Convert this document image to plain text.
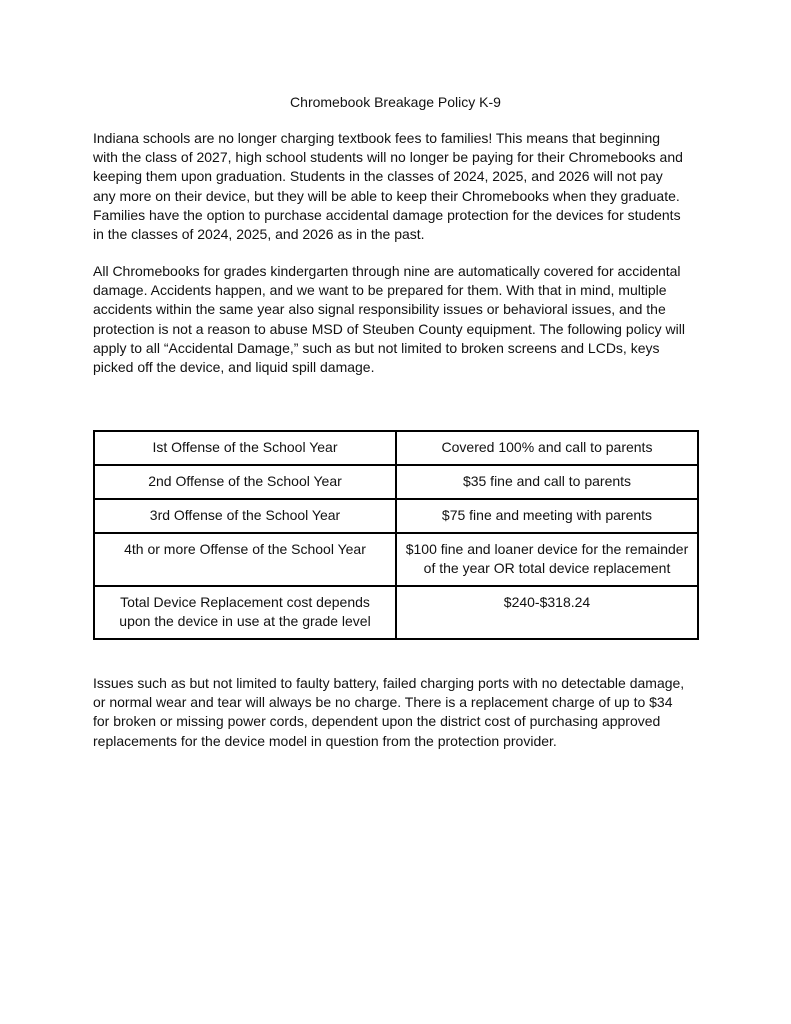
Chromebook Breakage Policy K-9

Indiana schools are no longer charging textbook fees to families! This means that beginning
with the class of 2027, high school students will no longer be paying for their Chromebooks and
keeping them upon graduation. Students in the classes of 2024, 2025, and 2026 will not pay
any more on their device, but they will be able to keep their Chromebooks when they graduate.
Families have the option to purchase accidental damage protection for the devices for students
in the classes of 2024, 2025, and 2026 as in the past.

All Chromebooks for grades kindergarten through nine are automatically covered for accidental
damage. Accidents happen, and we want to be prepared for them. With that in mind, multiple
accidents within the same year also signal responsibility issues or behavioral issues, and the
protection is not a reason to abuse MSD of Steuben County equipment. The following policy will
apply to all “Accidental Damage,” such as but not limited to broken screens and LCDs, keys
picked off the device, and liquid spill damage.

Ist Offense of the School Year	Covered 100% and call to parents
2nd Offense of the School Year	$35 fine and call to parents
3rd Offense of the School Year	$75 fine and meeting with parents
4th or more Offense of the School Year	$100 fine and loaner device for the remainder
of the year OR total device replacement
Total Device Replacement cost depends
upon the device in use at the grade level	$240-$318.24

Issues such as but not limited to faulty battery, failed charging ports with no detectable damage,
or normal wear and tear will always be no charge. There is a replacement charge of up to $34
for broken or missing power cords, dependent upon the district cost of purchasing approved
replacements for the device model in question from the protection provider.
